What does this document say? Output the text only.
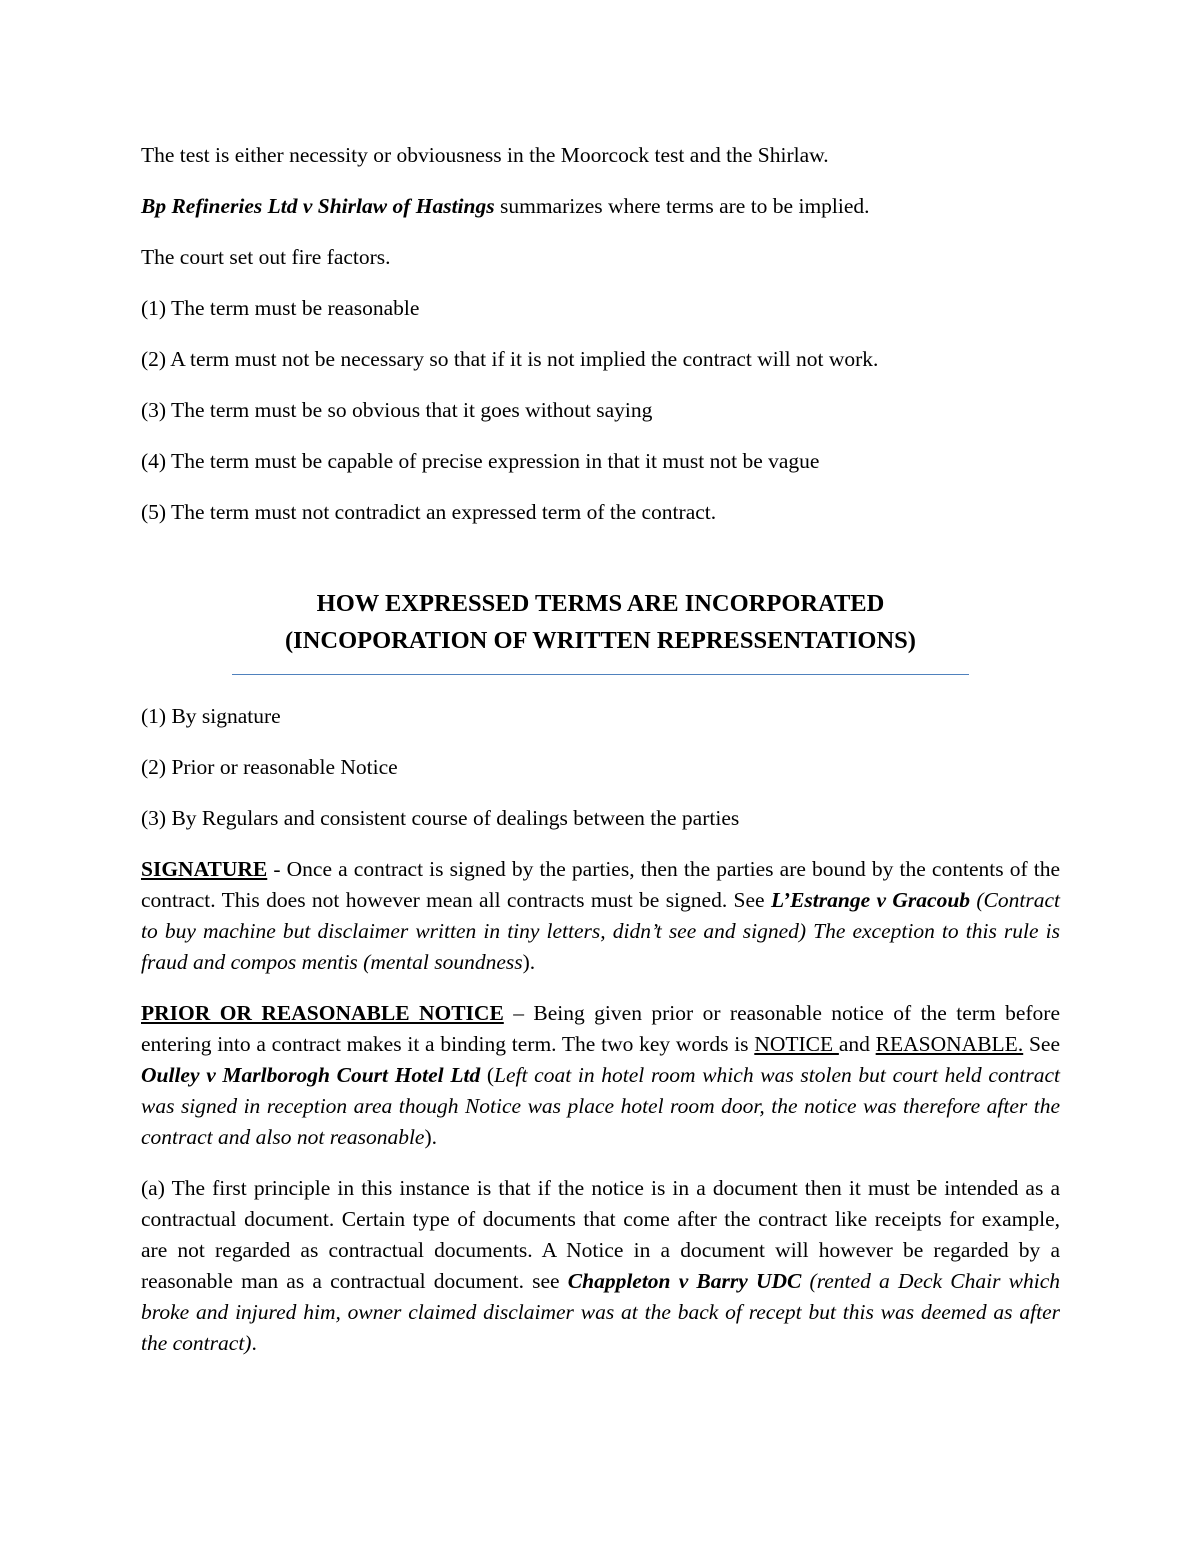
The test is either necessity or obviousness in the Moorcock test and the Shirlaw.
Bp Refineries Ltd v Shirlaw of Hastings summarizes where terms are to be implied.
The court set out fire factors.
(1) The term must be reasonable
(2) A term must not be necessary so that if it is not implied the contract will not work.
(3) The term must be so obvious that it goes without saying
(4) The term must be capable of precise expression in that it must not be vague
(5) The term must not contradict an expressed term of the contract.
HOW EXPRESSED TERMS ARE INCORPORATED
(INCOPORATION OF WRITTEN REPRESSENTATIONS)
(1) By signature
(2) Prior or reasonable Notice
(3) By Regulars and consistent course of dealings between the parties
SIGNATURE - Once a contract is signed by the parties, then the parties are bound by the contents of the contract. This does not however mean all contracts must be signed. See L’Estrange v Gracoub (Contract to buy machine but disclaimer written in tiny letters, didn’t see and signed) The exception to this rule is fraud and compos mentis (mental soundness).
PRIOR OR REASONABLE NOTICE – Being given prior or reasonable notice of the term before entering into a contract makes it a binding term. The two key words is NOTICE and REASONABLE. See Oulley v Marlborogh Court Hotel Ltd (Left coat in hotel room which was stolen but court held contract was signed in reception area though Notice was place hotel room door, the notice was therefore after the contract and also not reasonable).
(a) The first principle in this instance is that if the notice is in a document then it must be intended as a contractual document. Certain type of documents that come after the contract like receipts for example, are not regarded as contractual documents. A Notice in a document will however be regarded by a reasonable man as a contractual document. see Chappleton v Barry UDC (rented a Deck Chair which broke and injured him, owner claimed disclaimer was at the back of recept but this was deemed as after the contract).
